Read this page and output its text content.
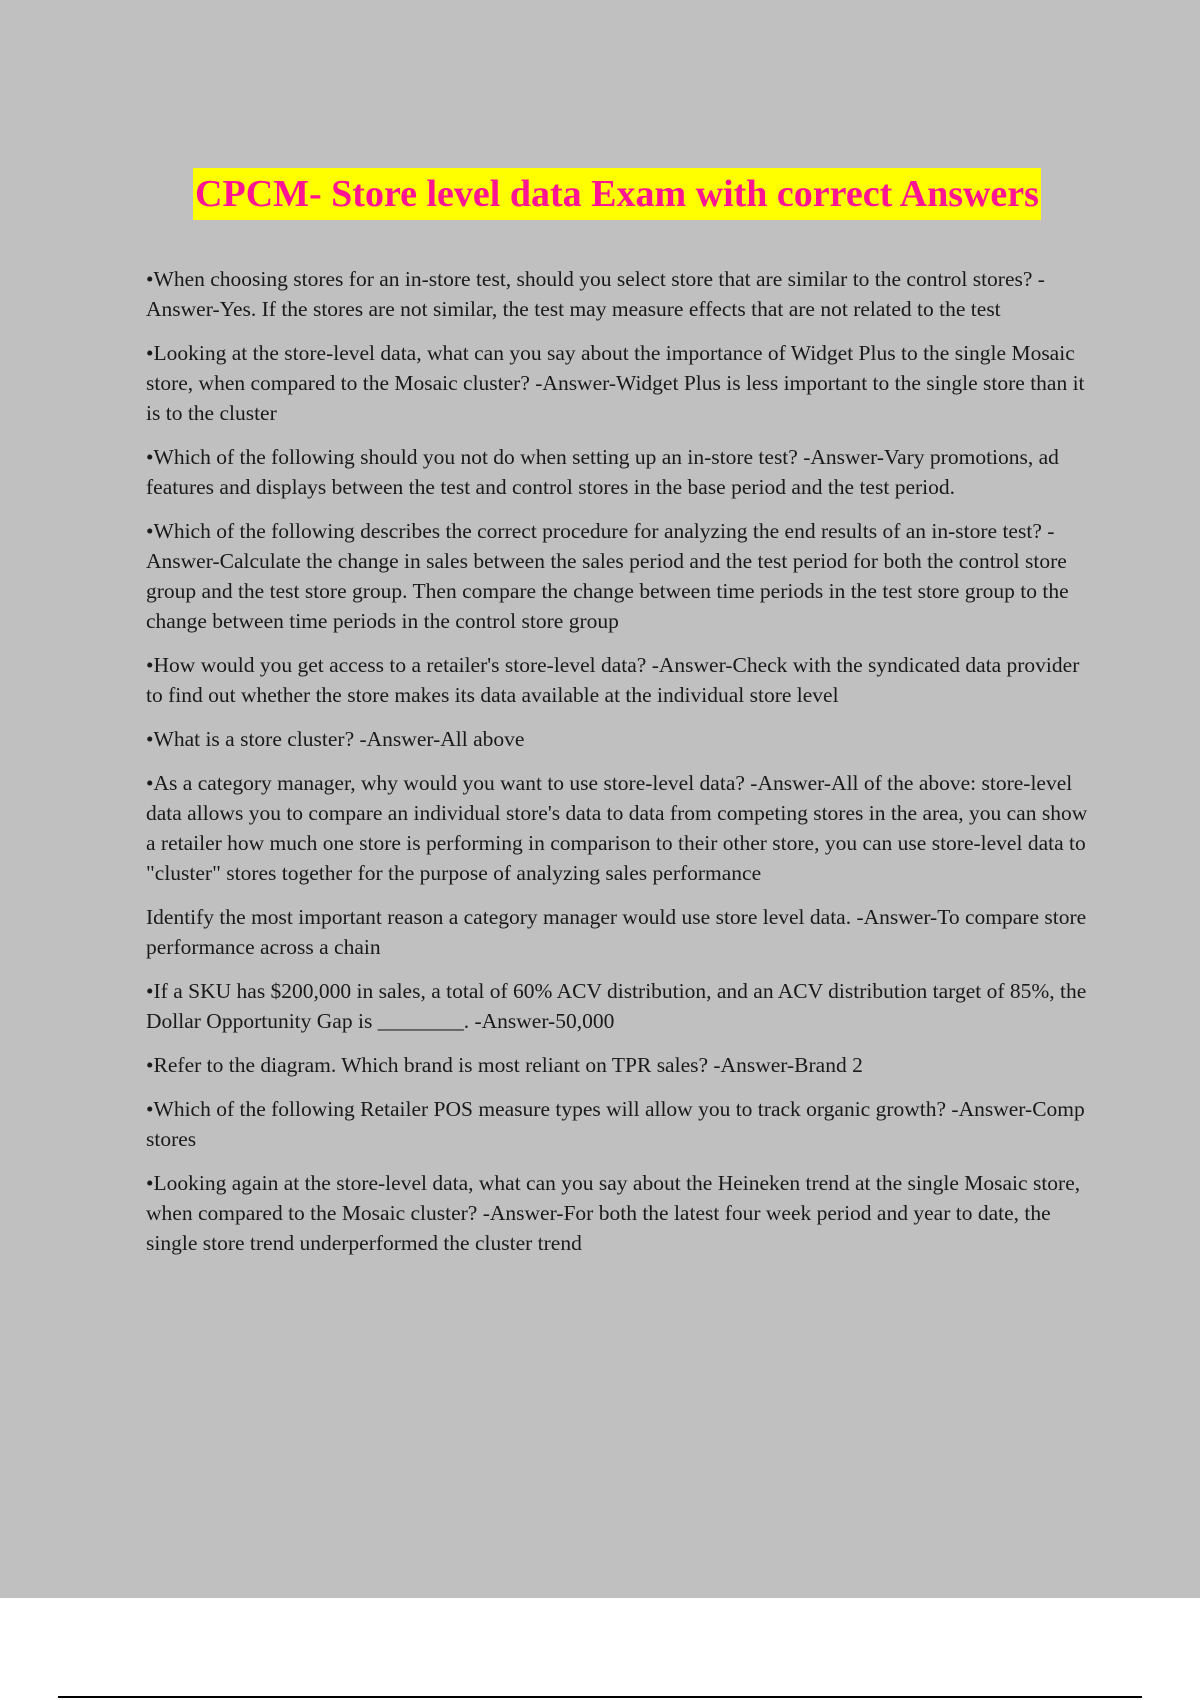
CPCM- Store level data Exam with correct Answers

•When choosing stores for an in-store test, should you select store that are similar to the control stores? -Answer-Yes. If the stores are not similar, the test may measure effects that are not related to the test

•Looking at the store-level data, what can you say about the importance of Widget Plus to the single Mosaic store, when compared to the Mosaic cluster? -Answer-Widget Plus is less important to the single store than it is to the cluster

•Which of the following should you not do when setting up an in-store test? -Answer-Vary promotions, ad features and displays between the test and control stores in the base period and the test period.

•Which of the following describes the correct procedure for analyzing the end results of an in-store test? -Answer-Calculate the change in sales between the sales period and the test period for both the control store group and the test store group. Then compare the change between time periods in the test store group to the change between time periods in the control store group

•How would you get access to a retailer's store-level data? -Answer-Check with the syndicated data provider to find out whether the store makes its data available at the individual store level

•What is a store cluster? -Answer-All above

•As a category manager, why would you want to use store-level data? -Answer-All of the above: store-level data allows you to compare an individual store's data to data from competing stores in the area, you can show a retailer how much one store is performing in comparison to their other store, you can use store-level data to "cluster" stores together for the purpose of analyzing sales performance

Identify the most important reason a category manager would use store level data. -Answer-To compare store performance across a chain

•If a SKU has $200,000 in sales, a total of 60% ACV distribution, and an ACV distribution target of 85%, the Dollar Opportunity Gap is ________. -Answer-50,000

•Refer to the diagram. Which brand is most reliant on TPR sales? -Answer-Brand 2

•Which of the following Retailer POS measure types will allow you to track organic growth? -Answer-Comp stores

•Looking again at the store-level data, what can you say about the Heineken trend at the single Mosaic store, when compared to the Mosaic cluster? -Answer-For both the latest four week period and year to date, the single store trend underperformed the cluster trend
